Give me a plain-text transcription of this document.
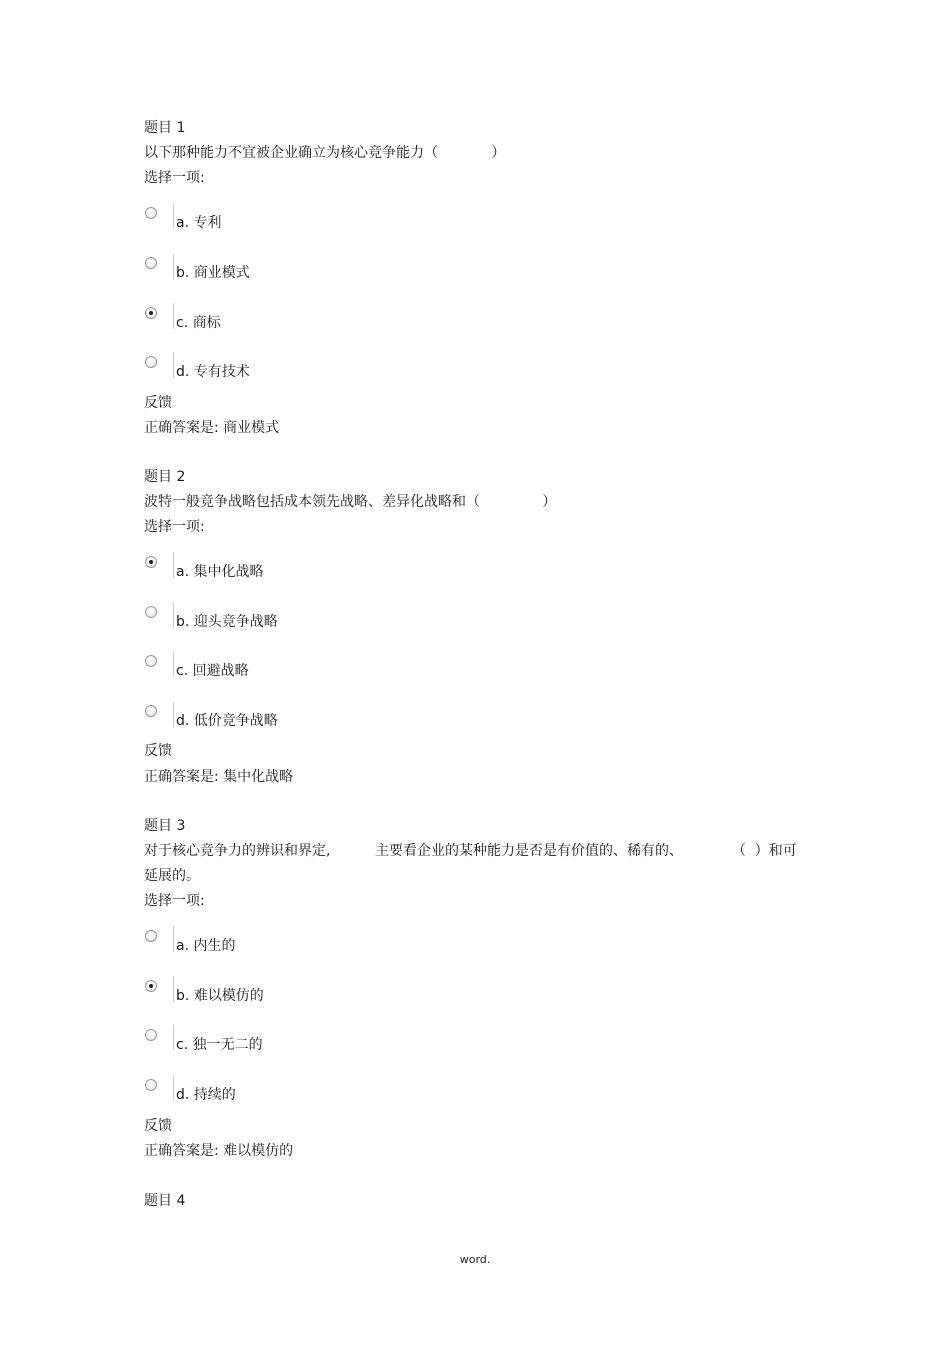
题目 1
以下那种能力不宜被企业确立为核心竞争能力（            ）
选择一项:
a. 专利
b. 商业模式
c. 商标
d. 专有技术
反馈
正确答案是: 商业模式
题目 2
波特一般竞争战略包括成本领先战略、差异化战略和（              ）
选择一项:
a. 集中化战略
b. 迎头竞争战略
c. 回避战略
d. 低价竞争战略
反馈
正确答案是: 集中化战略
题目 3
对于核心竞争力的辨识和界定,          主要看企业的某种能力是否是有价值的、稀有的、           （  ）和可
延展的。
选择一项:
a. 内生的
b. 难以模仿的
c. 独一无二的
d. 持续的
反馈
正确答案是: 难以模仿的
题目 4
word.
